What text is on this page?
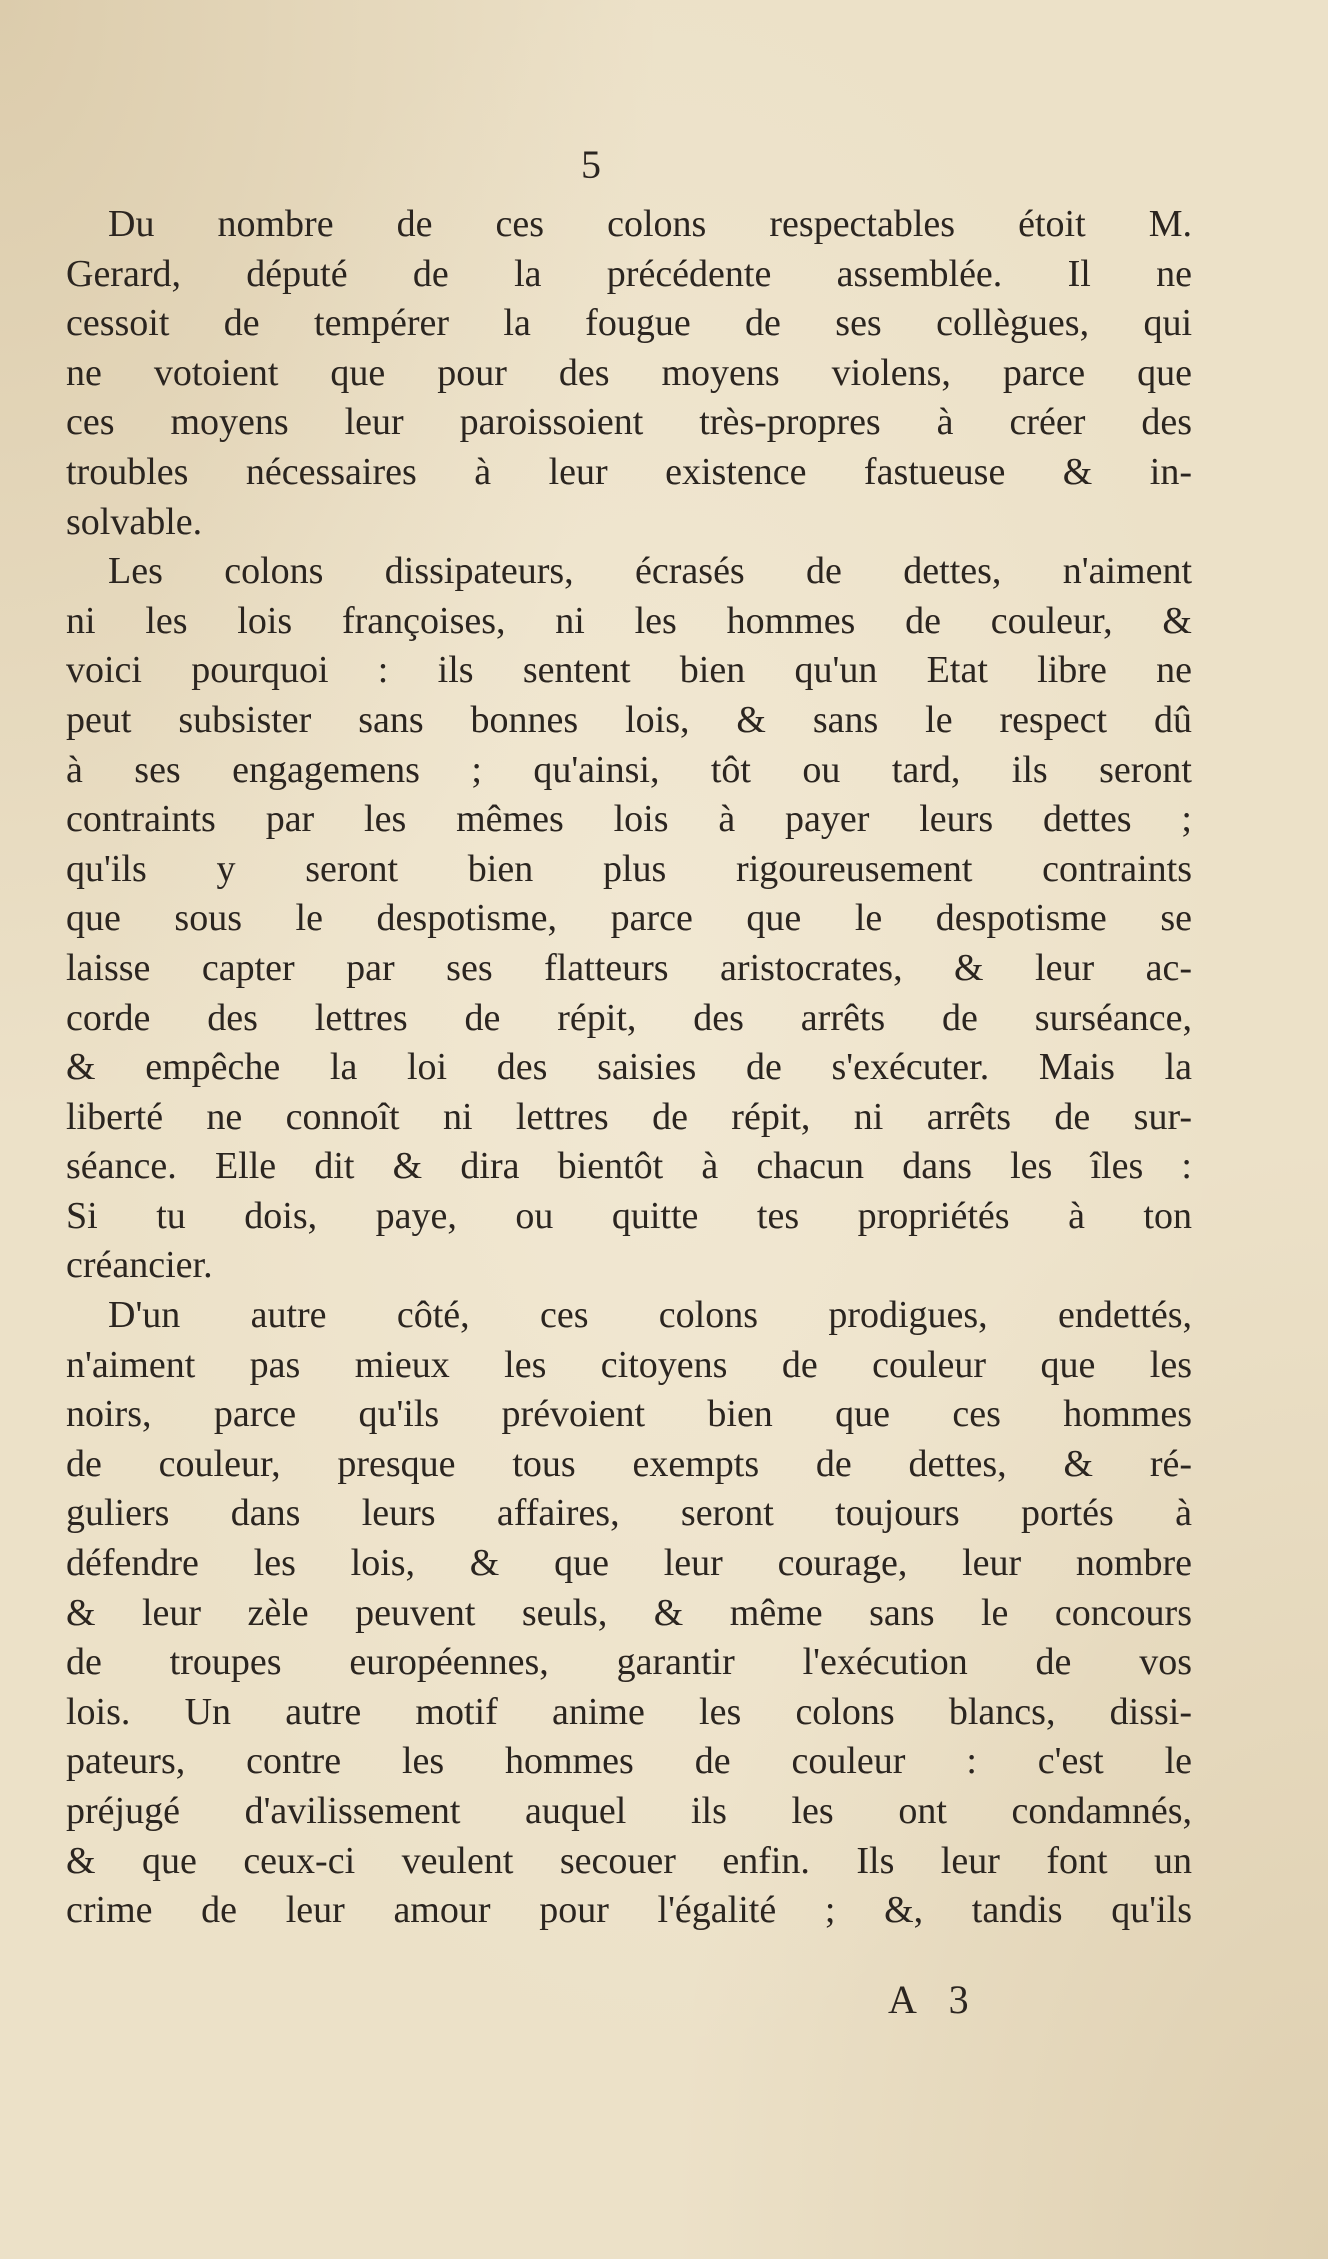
5
Du nombre de ces colons respectables étoit M.
Gerard, député de la précédente assemblée. Il ne
cessoit de tempérer la fougue de ses collègues, qui
ne votoient que pour des moyens violens, parce que
ces moyens leur paroissoient très-propres à créer des
troubles nécessaires à leur existence fastueuse & in-
solvable.
Les colons dissipateurs, écrasés de dettes, n'aiment
ni les lois françoises, ni les hommes de couleur, &
voici pourquoi : ils sentent bien qu'un Etat libre ne
peut subsister sans bonnes lois, & sans le respect dû
à ses engagemens ; qu'ainsi, tôt ou tard, ils seront
contraints par les mêmes lois à payer leurs dettes ;
qu'ils y seront bien plus rigoureusement contraints
que sous le despotisme, parce que le despotisme se
laisse capter par ses flatteurs aristocrates, & leur ac-
corde des lettres de répit, des arrêts de surséance,
& empêche la loi des saisies de s'exécuter. Mais la
liberté ne connoît ni lettres de répit, ni arrêts de sur-
séance. Elle dit & dira bientôt à chacun dans les îles :
Si tu dois, paye, ou quitte tes propriétés à ton
créancier.
D'un autre côté, ces colons prodigues, endettés,
n'aiment pas mieux les citoyens de couleur que les
noirs, parce qu'ils prévoient bien que ces hommes
de couleur, presque tous exempts de dettes, & ré-
guliers dans leurs affaires, seront toujours portés à
défendre les lois, & que leur courage, leur nombre
& leur zèle peuvent seuls, & même sans le concours
de troupes européennes, garantir l'exécution de vos
lois. Un autre motif anime les colons blancs, dissi-
pateurs, contre les hommes de couleur : c'est le
préjugé d'avilissement auquel ils les ont condamnés,
& que ceux-ci veulent secouer enfin. Ils leur font un
crime de leur amour pour l'égalité ; &, tandis qu'ils
A 3
